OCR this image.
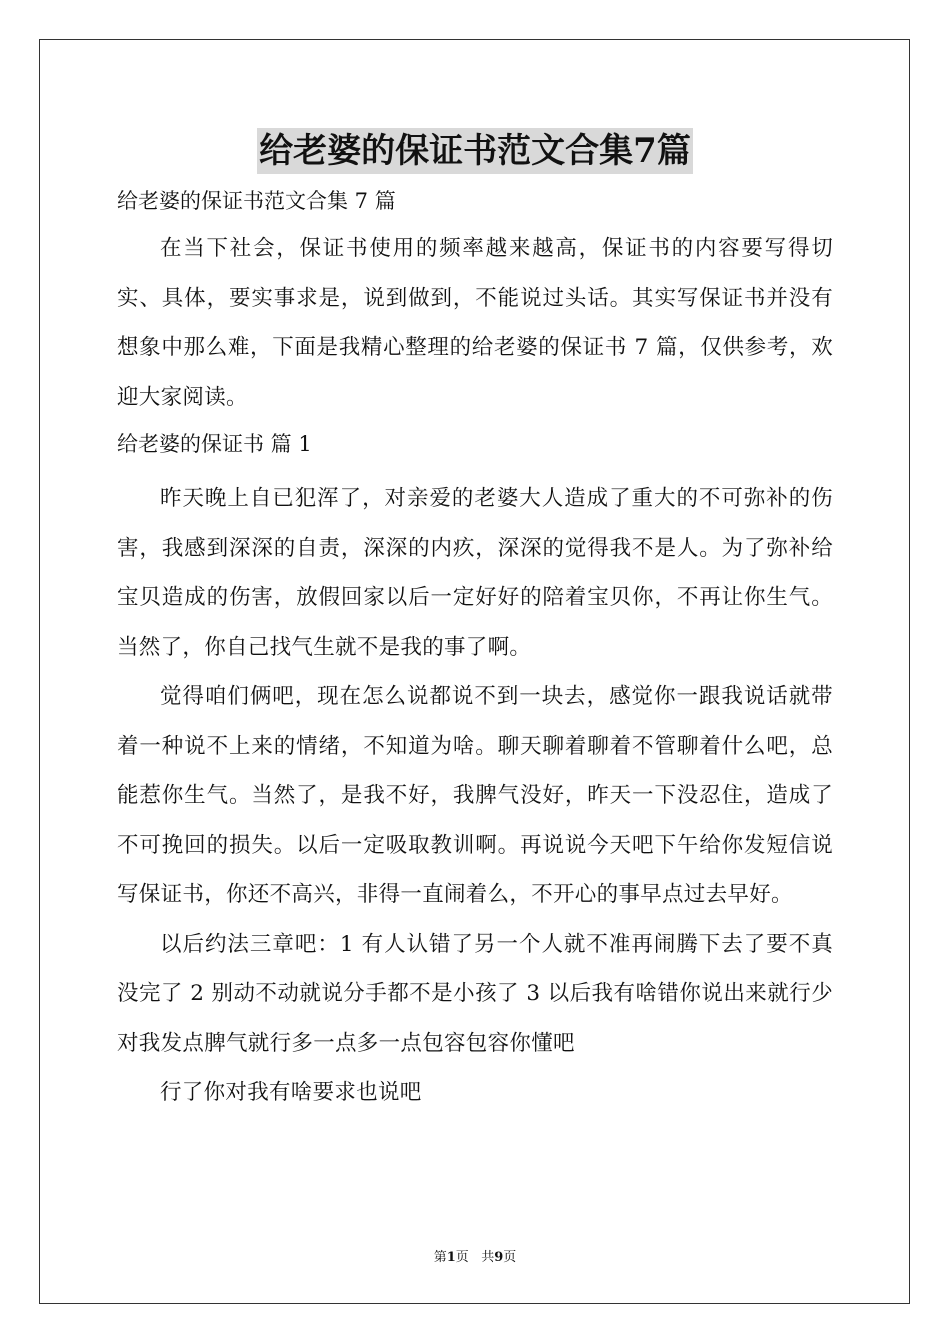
给老婆的保证书范文合集7篇
给老婆的保证书范文合集 7 篇

在当下社会，保证书使用的频率越来越高，保证书的内容要写得切实、具体，要实事求是，说到做到，不能说过头话。其实写保证书并没有想象中那么难，下面是我精心整理的给老婆的保证书 7 篇，仅供参考，欢迎大家阅读。

给老婆的保证书 篇 1

昨天晚上自已犯浑了，对亲爱的老婆大人造成了重大的不可弥补的伤害，我感到深深的自责，深深的内疚，深深的觉得我不是人。为了弥补给宝贝造成的伤害，放假回家以后一定好好的陪着宝贝你，不再让你生气。当然了，你自己找气生就不是我的事了啊。

觉得咱们俩吧，现在怎么说都说不到一块去，感觉你一跟我说话就带着一种说不上来的情绪，不知道为啥。聊天聊着聊着不管聊着什么吧，总能惹你生气。当然了，是我不好，我脾气没好，昨天一下没忍住，造成了不可挽回的损失。以后一定吸取教训啊。再说说今天吧下午给你发短信说写保证书，你还不高兴，非得一直闹着么，不开心的事早点过去早好。

以后约法三章吧：1 有人认错了另一个人就不准再闹腾下去了要不真没完了 2 别动不动就说分手都不是小孩了 3 以后我有啥错你说出来就行少对我发点脾气就行多一点多一点包容包容你懂吧

行了你对我有啥要求也说吧

第1页   共9页
